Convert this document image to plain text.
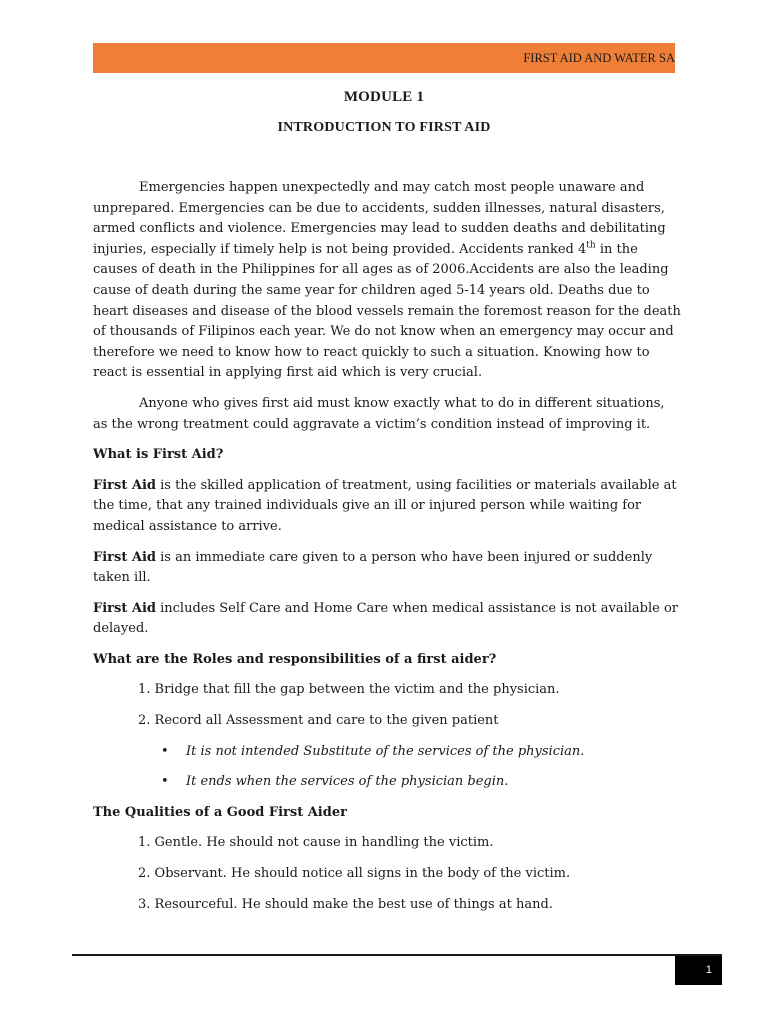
FIRST AID AND WATER SA
MODULE 1
INTRODUCTION TO FIRST AID

Emergencies happen unexpectedly and may catch most people unaware and unprepared. Emergencies can be due to accidents, sudden illnesses, natural disasters, armed conflicts and violence. Emergencies may lead to sudden deaths and debilitating injuries, especially if timely help is not being provided. Accidents ranked 4th in the causes of death in the Philippines for all ages as of 2006.Accidents are also the leading cause of death during the same year for children aged 5-14 years old. Deaths due to heart diseases and disease of the blood vessels remain the foremost reason for the death of thousands of Filipinos each year. We do not know when an emergency may occur and therefore we need to know how to react quickly to such a situation. Knowing how to react is essential in applying first aid which is very crucial.

Anyone who gives first aid must know exactly what to do in different situations, as the wrong treatment could aggravate a victim’s condition instead of improving it.

What is First Aid?

First Aid is the skilled application of treatment, using facilities or materials available at the time, that any trained individuals give an ill or injured person while waiting for medical assistance to arrive.

First Aid is an immediate care given to a person who have been injured or suddenly taken ill.

First Aid includes Self Care and Home Care when medical assistance is not available or delayed.

What are the Roles and responsibilities of a first aider?

1. Bridge that fill the gap between the victim and the physician.

2. Record all Assessment and care to the given patient

• It is not intended Substitute of the services of the physician.

• It ends when the services of the physician begin.

The Qualities of a Good First Aider

1. Gentle. He should not cause in handling the victim.

2. Observant. He should notice all signs in the body of the victim.

3. Resourceful. He should make the best use of things at hand.

1
